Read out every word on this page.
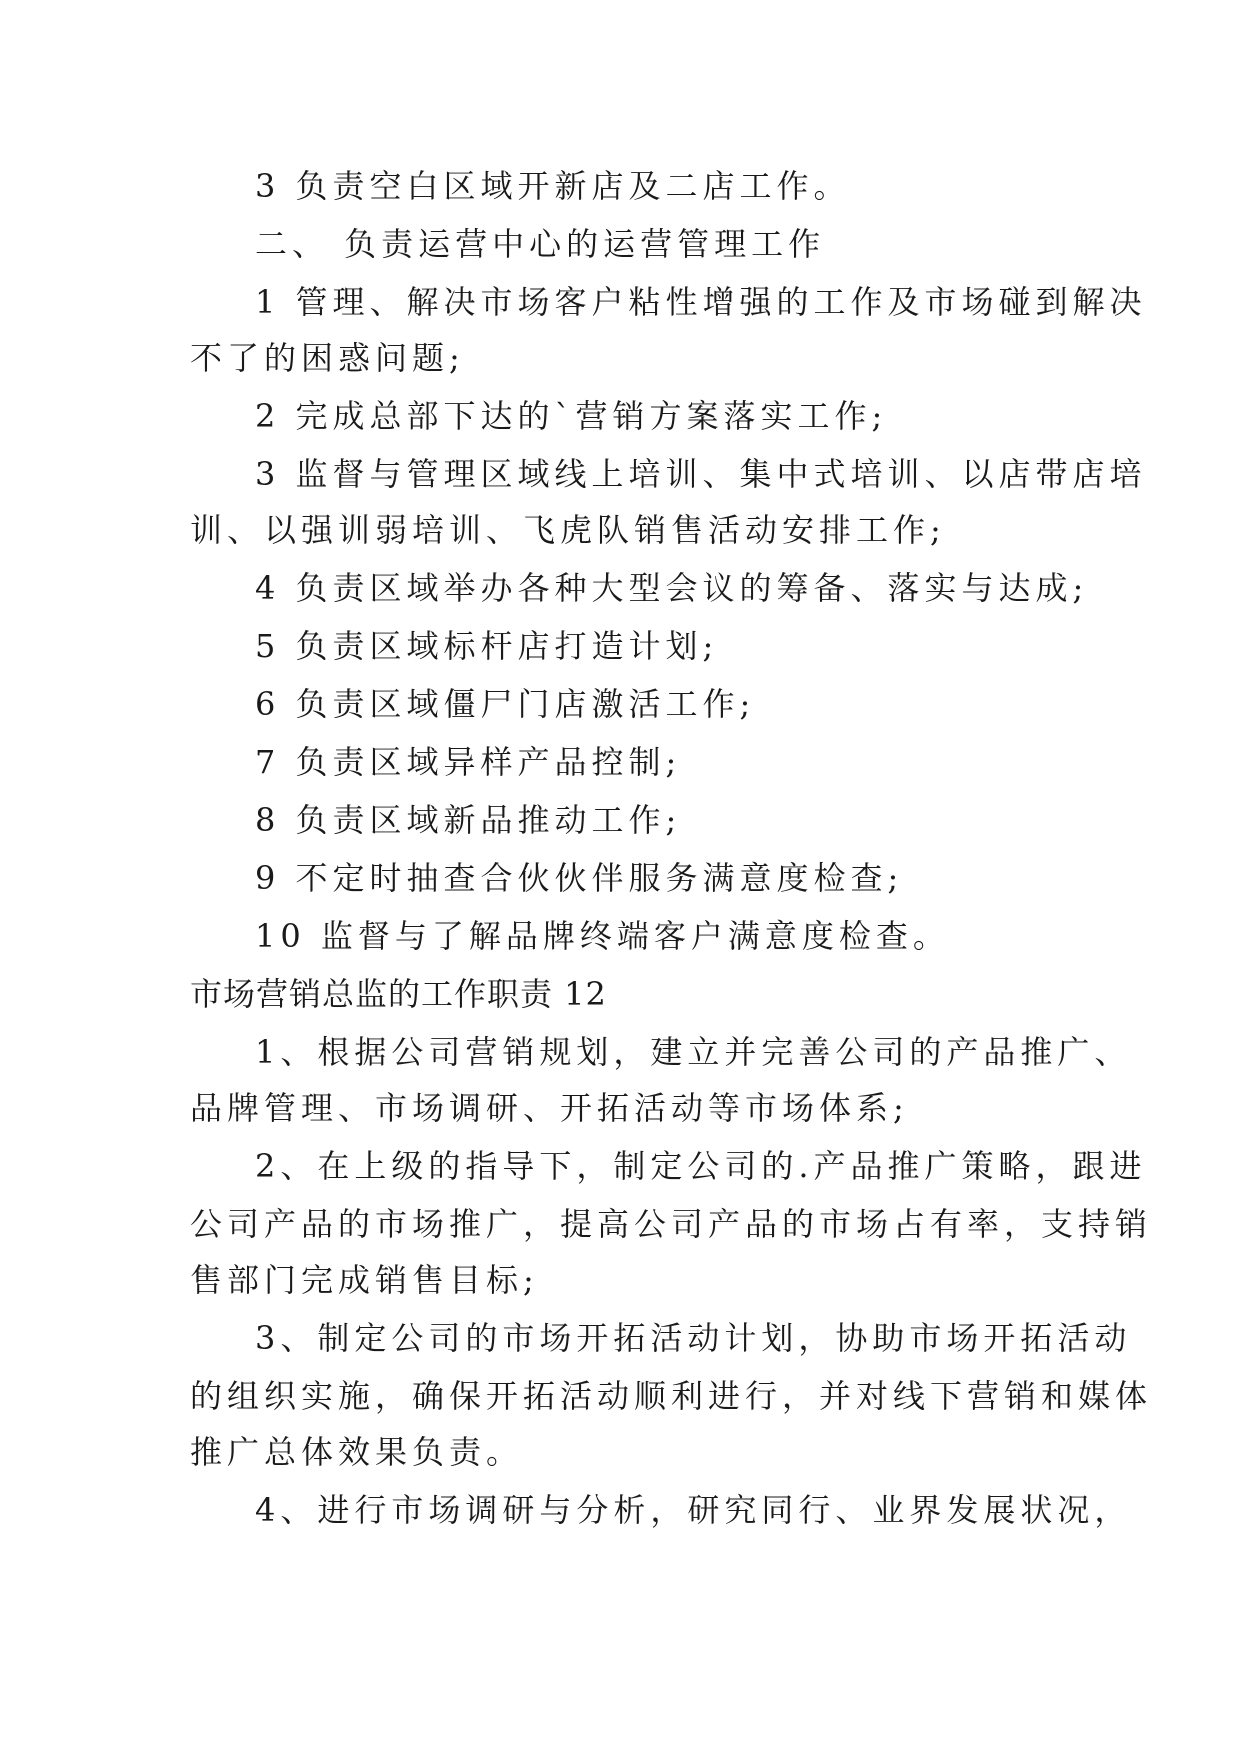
3 负责空白区域开新店及二店工作。
二、 负责运营中心的运营管理工作
1 管理、解决市场客户粘性增强的工作及市场碰到解决
不了的困惑问题;
2 完成总部下达的`营销方案落实工作;
3 监督与管理区域线上培训、集中式培训、以店带店培
训、以强训弱培训、飞虎队销售活动安排工作;
4 负责区域举办各种大型会议的筹备、落实与达成;
5 负责区域标杆店打造计划;
6 负责区域僵尸门店激活工作;
7 负责区域异样产品控制;
8 负责区域新品推动工作;
9 不定时抽查合伙伙伴服务满意度检查;
10 监督与了解品牌终端客户满意度检查。
市场营销总监的工作职责 12
1、根据公司营销规划，建立并完善公司的产品推广、
品牌管理、市场调研、开拓活动等市场体系;
2、在上级的指导下，制定公司的.产品推广策略，跟进
公司产品的市场推广，提高公司产品的市场占有率，支持销
售部门完成销售目标;
3、制定公司的市场开拓活动计划，协助市场开拓活动
的组织实施，确保开拓活动顺利进行，并对线下营销和媒体
推广总体效果负责。
4、进行市场调研与分析，研究同行、业界发展状况，
